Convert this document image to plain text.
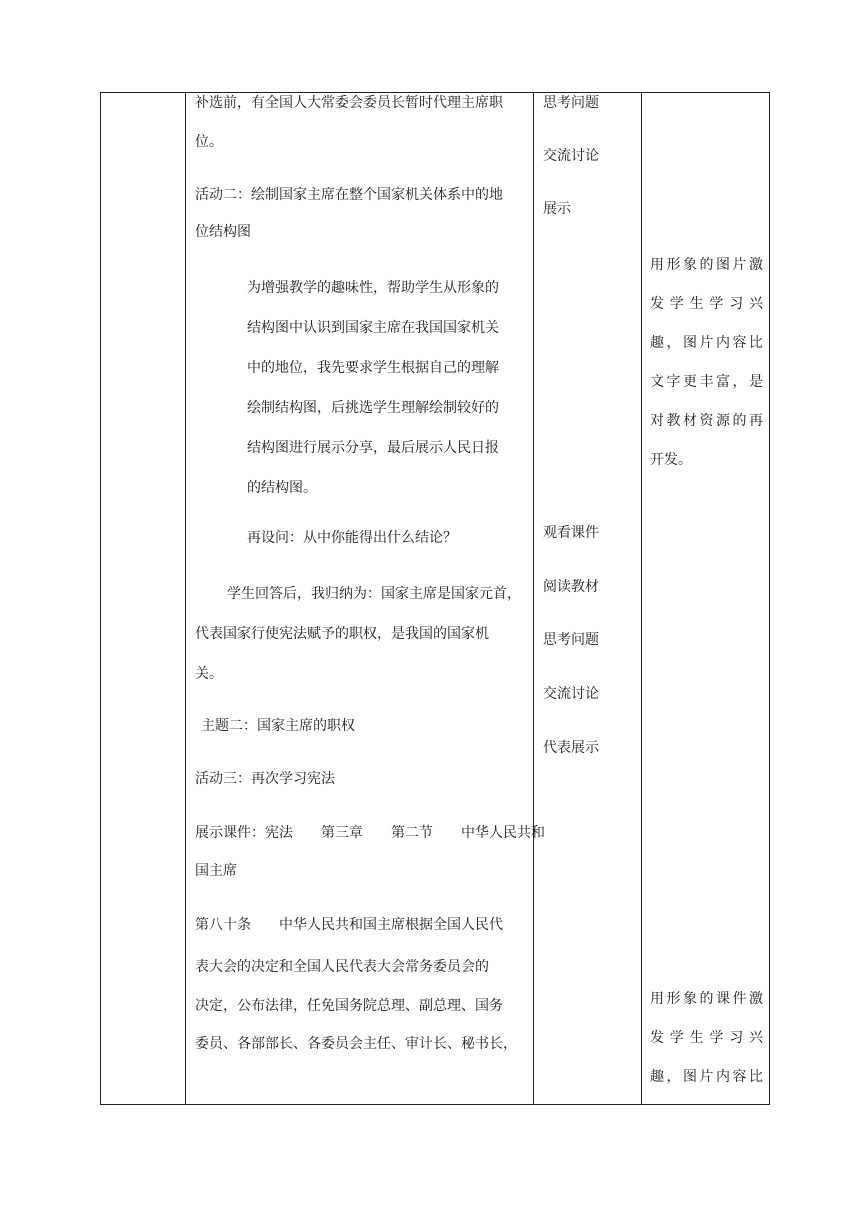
补选前，有全国人大常委会委员长暂时代理主席职
位。
活动二：绘制国家主席在整个国家机关体系中的地
位结构图
为增强教学的趣味性，帮助学生从形象的
结构图中认识到国家主席在我国国家机关
中的地位，我先要求学生根据自己的理解
绘制结构图，后挑选学生理解绘制较好的
结构图进行展示分享，最后展示人民日报
的结构图。
再设问：从中你能得出什么结论？
学生回答后，我归纳为：国家主席是国家元首，
代表国家行使宪法赋予的职权，是我国的国家机
关。
主题二：国家主席的职权
活动三：再次学习宪法
展示课件：宪法 第三章 第二节 中华人民共和
国主席
第八十条 中华人民共和国主席根据全国人民代
表大会的决定和全国人民代表大会常务委员会的
决定，公布法律，任免国务院总理、副总理、国务
委员、各部部长、各委员会主任、审计长、秘书长，
思考问题
交流讨论
展示
观看课件
阅读教材
思考问题
交流讨论
代表展示
用形象的图片激
发学生学习兴
趣，图片内容比
文字更丰富，是
对教材资源的再
开发。
用形象的课件激
发学生学习兴
趣，图片内容比
